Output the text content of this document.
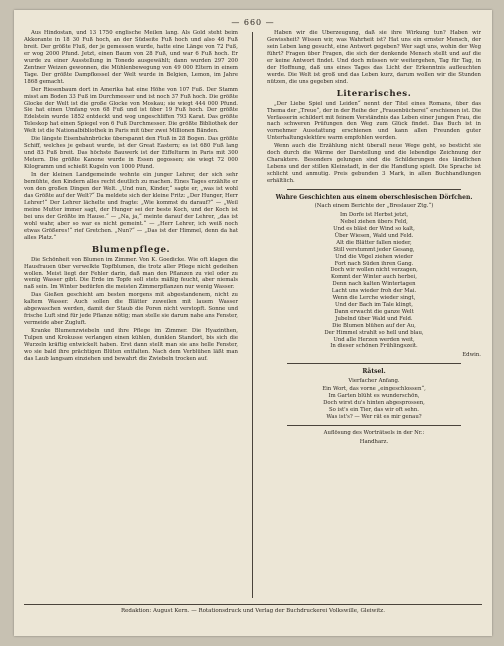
— 660 —

Aus Hindostan, und 13 1750 englische Meilen lang. Als Gold steht beim Akkorante in 18 30 Fuß hoch, an der Südseite Fuß hoch und also 46 Fuß breit. Der größte Fluß, der je gemessen wurde, hatte eine Länge von 72 Fuß, er wog 2000 Pfund. Jetzt, einen Baum von 28 Fuß, und war 6 Fuß hoch. Er wurde zu einer Ausstellung in Tonedo ausgewählt; dann wurden 297 200 Zentner Weizen gewonnen, die Mühlenbewegung von 49 000 Eltern in einem Tage. Der größte Dampfkessel der Welt wurde in Belgien, Lemon, im Jahre 1868 gemacht.

Der Riesenbaum dort in Amerika hat eine Höhe von 107 Fuß. Der Stamm misst am Boden 33 Fuß im Durchmesser und ist noch 37 Fuß hoch. Die größte Glocke der Welt ist die große Glocke von Moskau; sie wiegt 444 000 Pfund. Sie hat einen Umfang von 68 Fuß und ist über 19 Fuß hoch. Der größte Edelstein wurde 1852 entdeckt und wog ungeschliffen 793 Karat. Das größte Teleskop hat einen Spiegel von 6 Fuß Durchmesser. Die größte Bibliothek der Welt ist die Nationalbibliothek in Paris mit über zwei Millionen Bänden.

Die längste Eisenbahnbrücke überspannt den Fluß in 28 Bogen. Das größte Schiff, welches je gebaut wurde, ist der Great Eastern; es ist 680 Fuß lang und 83 Fuß breit. Das höchste Bauwerk ist der Eiffelturm in Paris mit 300 Metern. Die größte Kanone wurde in Essen gegossen; sie wiegt 72 000 Kilogramm und schießt Kugeln von 1000 Pfund.

In der kleinen Landgemeinde wohnte ein junger Lehrer, der sich sehr bemühte, den Kindern alles recht deutlich zu machen. Eines Tages erzählte er von den großen Dingen der Welt. „Und nun, Kinder,“ sagte er, „was ist wohl das Größte auf der Welt?“ Da meldete sich der kleine Fritz: „Der Hunger, Herr Lehrer!“ Der Lehrer lächelte und fragte: „Wie kommst du darauf?“ — „Weil meine Mutter immer sagt, der Hunger sei der beste Koch, und der Koch ist bei uns der Größte im Hause.“ — „Na, ja,“ meinte darauf der Lehrer, „das ist wohl wahr, aber so war es nicht gemeint.“ — „Herr Lehrer, ich weiß noch etwas Größeres!“ rief Gretchen. „Nun?“ — „Das ist der Himmel, denn da hat alles Platz.“

Blumenpflege.

Die Schönheit von Blumen im Zimmer. Von K. Goedicke. Wie oft klagen die Hausfrauen über verwelkte Topfblumen, die trotz aller Pflege nicht gedeihen wollen. Meist liegt der Fehler darin, daß man den Pflanzen zu viel oder zu wenig Wasser gibt. Die Erde im Topfe soll stets mäßig feucht, aber niemals naß sein. Im Winter bedürfen die meisten Zimmerpflanzen nur wenig Wasser.

Das Gießen geschieht am besten morgens mit abgestandenem, nicht zu kaltem Wasser. Auch sollen die Blätter zuweilen mit lauem Wasser abgewaschen werden, damit der Staub die Poren nicht verstopft. Sonne und frische Luft sind für jede Pflanze nötig; man stelle sie darum nahe ans Fenster, vermeide aber Zugluft.

Kranke Blumenzwiebeln und ihre Pflege im Zimmer. Die Hyazinthen, Tulpen und Krokusse verlangen einen kühlen, dunklen Standort, bis sich die Wurzeln kräftig entwickelt haben. Erst dann stellt man sie ans helle Fenster, wo sie bald ihre prächtigen Blüten entfalten. Nach dem Verblühen läßt man das Laub langsam einziehen und bewahrt die Zwiebeln trocken auf.

Haben wir die Überzeugung, daß sie ihre Wirkung tun? Haben wir Gewissheit? Wissen wir, was Wahrheit ist? Hat uns ein ernster Mensch, der sein Leben lang gesucht, eine Antwort gegeben? Wer sagt uns, wohin der Weg führt? Fragen über Fragen, die sich der denkende Mensch stellt und auf die er keine Antwort findet. Und doch müssen wir weitergehen, Tag für Tag, in der Hoffnung, daß uns eines Tages das Licht der Erkenntnis aufleuchten werde. Die Welt ist groß und das Leben kurz, darum wollen wir die Stunden nützen, die uns gegeben sind.

Literarisches.

„Der Liebe Spiel und Leiden“ nennt der Titel eines Romans, über das Thema der „Treue“, der in der Reihe der „Frauenbücherei“ erschienen ist. Die Verfasserin schildert mit feinem Verständnis das Leben einer jungen Frau, die nach schweren Prüfungen den Weg zum Glück findet. Das Buch ist in vornehmer Ausstattung erschienen und kann allen Freunden guter Unterhaltungslektüre warm empfohlen werden.

Wenn auch die Erzählung nicht überall neue Wege geht, so besticht sie doch durch die Wärme der Darstellung und die lebendige Zeichnung der Charaktere. Besonders gelungen sind die Schilderungen des ländlichen Lebens und der stillen Kleinstadt, in der die Handlung spielt. Die Sprache ist schlicht und anmutig. Preis gebunden 3 Mark, in allen Buchhandlungen erhältlich.

Wahre Geschichten aus einem oberschlesischen Dörfchen.

(Nach einem Berichte der „Breslauer Ztg.“)

Im Dorfe ist Herbst jetzt,
Nebel ziehen übers Feld,
Und es bläst der Wind so kalt,
Über Wiesen, Wald und Feld.
Alt die Blätter fallen nieder,
Still verstummt jeder Gesang,
Und die Vögel ziehen wieder
Fort nach Süden ihren Gang.
Doch wir wollen nicht verzagen,
Kommt der Winter auch herbei,
Denn nach kalten Wintertagen
Lacht uns wieder froh der Mai.
Wenn die Lerche wieder singt,
Und der Bach im Tale klingt,
Dann erwacht die ganze Welt
Jubelnd über Wald und Feld.
Die Blumen blühen auf der Au,
Der Himmel strahlt so hell und blau,
Und alle Herzen werden weit,
In dieser schönen Frühlingszeit.

Edwin.

Rätsel.

Vierfacher Anfang.

Ein Wort, das vorne „eingeschlossen“,
Im Garten blüht es wunderschön,
Doch wirst du's hinten abgesprossen,
So ist's ein Tier, das wir oft sehn.
Was ist's? — Wer rät es mir genau?

Auflösung des Worträtsels in der Nr.:

Handharz.

Redaktion: August Kern. — Rotationsdruck und Verlag der Buchdruckerei Volkswille, Gleiwitz.
